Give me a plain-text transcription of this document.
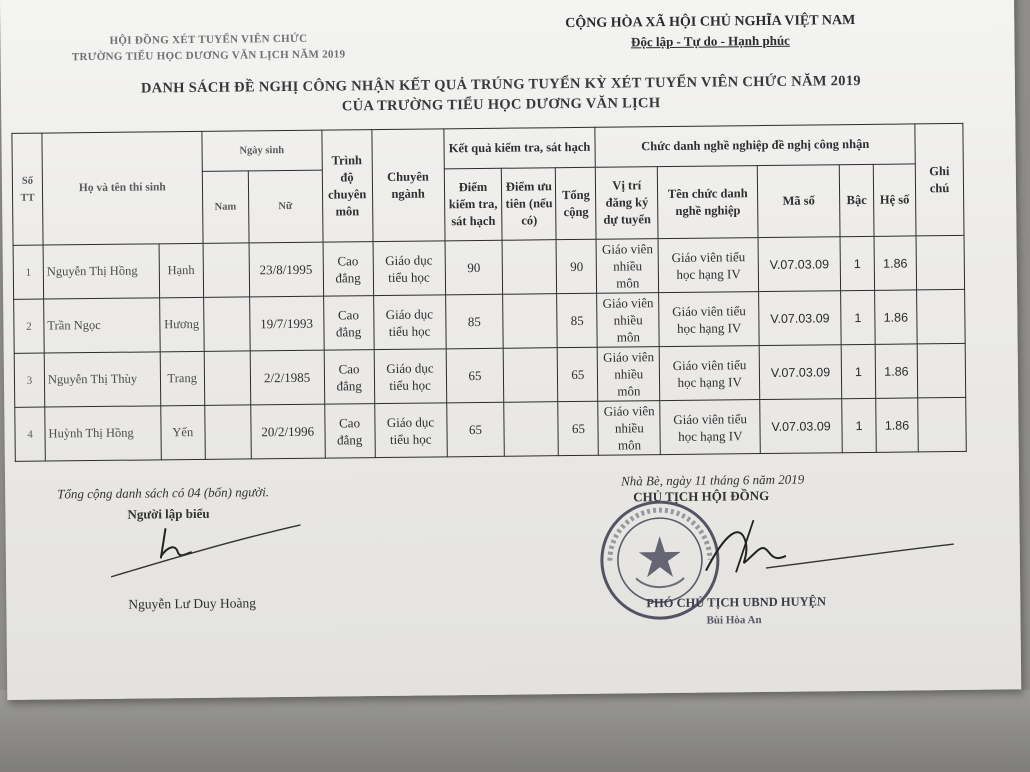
HỘI ĐỒNG XÉT TUYỂN VIÊN CHỨC
TRƯỜNG TIỂU HỌC DƯƠNG VĂN LỊCH NĂM 2019
CỘNG HÒA XÃ HỘI CHỦ NGHĨA VIỆT NAM
Độc lập - Tự do - Hạnh phúc
DANH SÁCH ĐỀ NGHỊ CÔNG NHẬN KẾT QUẢ TRÚNG TUYỂN KỲ XÉT TUYỂN VIÊN CHỨC NĂM 2019
CỦA TRƯỜNG TIỂU HỌC DƯƠNG VĂN LỊCH
Số TT	Họ và tên thí sinh		Ngày sinh		Trình độ chuyên môn	Chuyên ngành	Kết quả kiểm tra, sát hạch			Chức danh nghề nghiệp đề nghị công nhận					Ghi chú
			Nam	Nữ			Điểm kiểm tra, sát hạch	Điểm ưu tiên (nếu có)	Tổng cộng	Vị trí đăng ký dự tuyển	Tên chức danh nghề nghiệp	Mã số	Bậc	Hệ số	
1	Nguyễn Thị Hồng	Hạnh		23/8/1995	Cao đẳng	Giáo dục tiểu học	90		90	Giáo viên nhiều môn	Giáo viên tiểu học hạng IV	V.07.03.09	1	1.86	
2	Trần Ngọc	Hương		19/7/1993	Cao đẳng	Giáo dục tiểu học	85		85	Giáo viên nhiều môn	Giáo viên tiểu học hạng IV	V.07.03.09	1	1.86	
3	Nguyễn Thị Thùy	Trang		2/2/1985	Cao đẳng	Giáo dục tiểu học	65		65	Giáo viên nhiều môn	Giáo viên tiểu học hạng IV	V.07.03.09	1	1.86	
4	Huỳnh Thị Hồng	Yến		20/2/1996	Cao đẳng	Giáo dục tiểu học	65		65	Giáo viên nhiều môn	Giáo viên tiểu học hạng IV	V.07.03.09	1	1.86	
Tổng cộng danh sách có 04 (bốn) người.
Người lập biểu
Nguyễn Lư Duy Hoàng
Nhà Bè, ngày 11 tháng 6 năm 2019
CHỦ TỊCH HỘI ĐỒNG
PHÓ CHỦ TỊCH UBND HUYỆN
Bùi Hòa An
